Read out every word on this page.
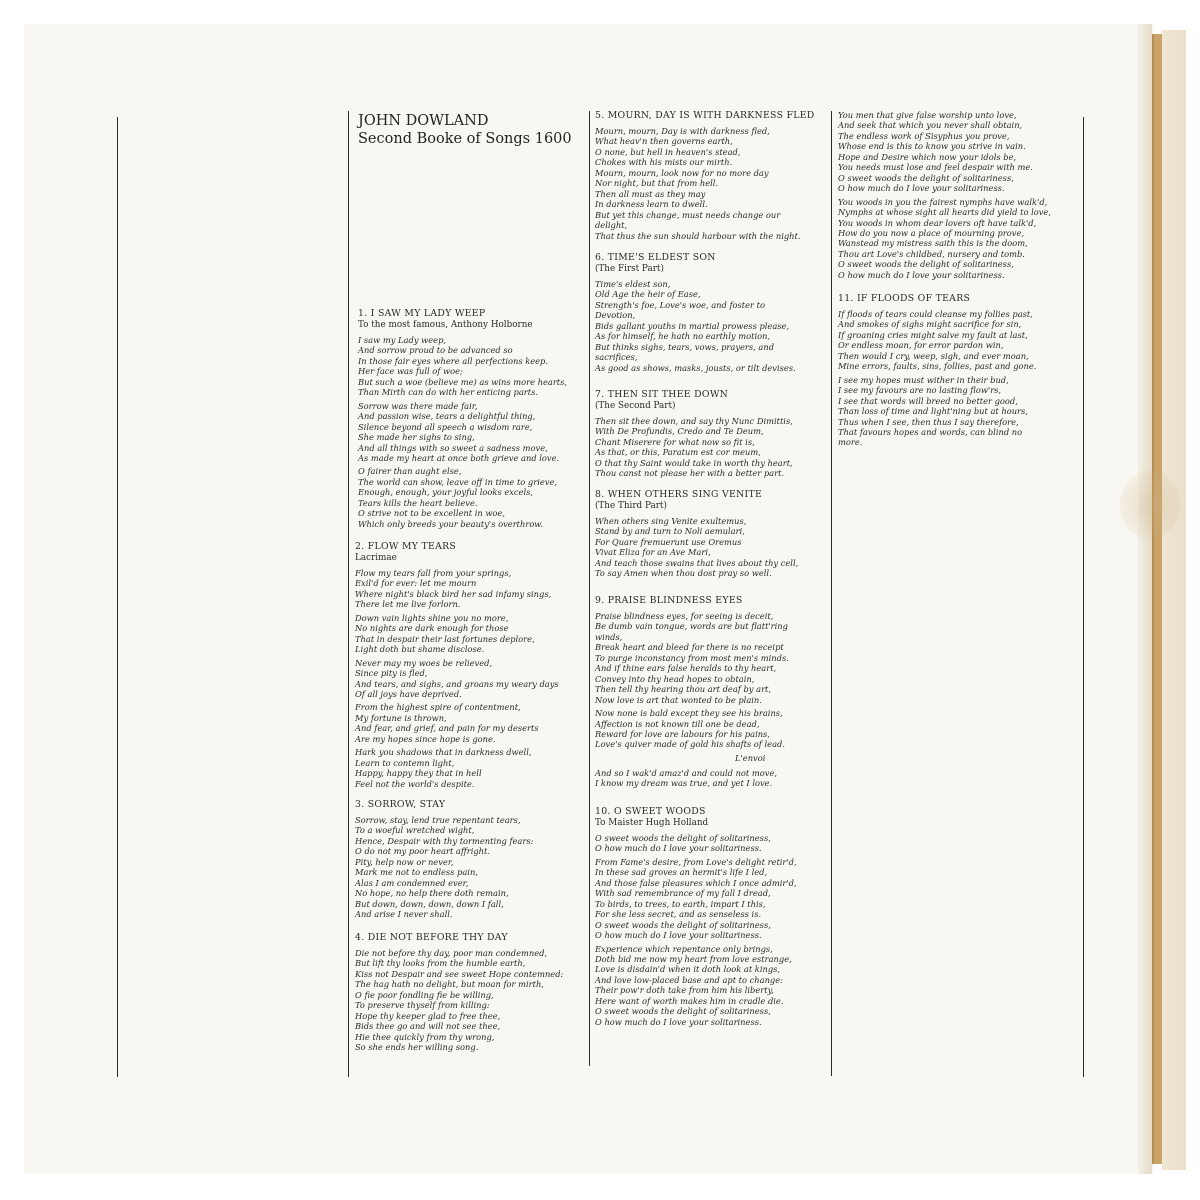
JOHN DOWLAND
Second Booke of Songs 1600
1. I SAW MY LADY WEEP
To the most famous, Anthony Holborne
I saw my Lady weep,
And sorrow proud to be advanced so
In those fair eyes where all perfections keep.
Her face was full of woe;
But such a woe (believe me) as wins more hearts,
Than Mirth can do with her enticing parts.
Sorrow was there made fair,
And passion wise, tears a delightful thing,
Silence beyond all speech a wisdom rare,
She made her sighs to sing,
And all things with so sweet a sadness move,
As made my heart at once both grieve and love.
O fairer than aught else,
The world can show, leave off in time to grieve,
Enough, enough, your joyful looks excels,
Tears kills the heart believe.
O strive not to be excellent in woe,
Which only breeds your beauty's overthrow.
2. FLOW MY TEARS
Lacrimae
Flow my tears fall from your springs,
Exil'd for ever: let me mourn
Where night's black bird her sad infamy sings,
There let me live forlorn.
Down vain lights shine you no more,
No nights are dark enough for those
That in despair their last fortunes deplore,
Light doth but shame disclose.
Never may my woes be relieved,
Since pity is fled,
And tears, and sighs, and groans my weary days
Of all joys have deprived.
From the highest spire of contentment,
My fortune is thrown,
And fear, and grief, and pain for my deserts
Are my hopes since hope is gone.
Hark you shadows that in darkness dwell,
Learn to contemn light,
Happy, happy they that in hell
Feel not the world's despite.
3. SORROW, STAY
Sorrow, stay, lend true repentant tears,
To a woeful wretched wight,
Hence, Despair with thy tormenting fears:
O do not my poor heart affright.
Pity, help now or never,
Mark me not to endless pain,
Alas I am condemned ever,
No hope, no help there doth remain,
But down, down, down, down I fall,
And arise I never shall.
4. DIE NOT BEFORE THY DAY
Die not before thy day, poor man condemned,
But lift thy looks from the humble earth,
Kiss not Despair and see sweet Hope contemned:
The hag hath no delight, but moan for mirth,
O fie poor fondling fie be willing,
To preserve thyself from killing:
Hope thy keeper glad to free thee,
Bids thee go and will not see thee,
Hie thee quickly from thy wrong,
So she ends her willing song.
5. MOURN, DAY IS WITH DARKNESS FLED
Mourn, mourn, Day is with darkness fled,
What heav'n then governs earth,
O none, but hell in heaven's stead,
Chokes with his mists our mirth.
Mourn, mourn, look now for no more day
Nor night, but that from hell.
Then all must as they may
In darkness learn to dwell.
But yet this change, must needs change our
delight,
That thus the sun should harbour with the night.
6. TIME'S ELDEST SON
(The First Part)
Time's eldest son,
Old Age the heir of Ease,
Strength's foe, Love's woe, and foster to
Devotion,
Bids gallant youths in martial prowess please,
As for himself, he hath no earthly motion,
But thinks sighs, tears, vows, prayers, and
sacrifices,
As good as shows, masks, jousts, or tilt devises.
7. THEN SIT THEE DOWN
(The Second Part)
Then sit thee down, and say thy Nunc Dimittis,
With De Profundis, Credo and Te Deum,
Chant Miserere for what now so fit is,
As that, or this, Paratum est cor meum,
O that thy Saint would take in worth thy heart,
Thou canst not please her with a better part.
8. WHEN OTHERS SING VENITE
(The Third Part)
When others sing Venite exultemus,
Stand by and turn to Noli aemulari,
For Quare fremuerunt use Oremus
Vivat Eliza for an Ave Mari,
And teach those swains that lives about thy cell,
To say Amen when thou dost pray so well.
9. PRAISE BLINDNESS EYES
Praise blindness eyes, for seeing is deceit,
Be dumb vain tongue, words are but flatt'ring
winds,
Break heart and bleed for there is no receipt
To purge inconstancy from most men's minds.
And if thine ears false heralds to thy heart,
Convey into thy head hopes to obtain,
Then tell thy hearing thou art deaf by art,
Now love is art that wonted to be plain.
Now none is bald except they see his brains,
Affection is not known till one be dead,
Reward for love are labours for his pains,
Love's quiver made of gold his shafts of lead.
L'envoi
And so I wak'd amaz'd and could not move,
I know my dream was true, and yet I love.
10. O SWEET WOODS
To Maister Hugh Holland
O sweet woods the delight of solitariness,
O how much do I love your solitariness.
From Fame's desire, from Love's delight retir'd,
In these sad groves an hermit's life I led,
And those false pleasures which I once admir'd,
With sad remembrance of my fall I dread,
To birds, to trees, to earth, impart I this,
For she less secret, and as senseless is.
O sweet woods the delight of solitariness,
O how much do I love your solitariness.
Experience which repentance only brings,
Doth bid me now my heart from love estrange,
Love is disdain'd when it doth look at kings,
And love low-placed base and apt to change:
Their pow'r doth take from him his liberty,
Here want of worth makes him in cradle die.
O sweet woods the delight of solitariness,
O how much do I love your solitariness.
You men that give false worship unto love,
And seek that which you never shall obtain,
The endless work of Sisyphus you prove,
Whose end is this to know you strive in vain.
Hope and Desire which now your idols be,
You needs must lose and feel despair with me.
O sweet woods the delight of solitariness,
O how much do I love your solitariness.
You woods in you the fairest nymphs have walk'd,
Nymphs at whose sight all hearts did yield to love,
You woods in whom dear lovers oft have talk'd,
How do you now a place of mourning prove,
Wanstead my mistress saith this is the doom,
Thou art Love's childbed, nursery and tomb.
O sweet woods the delight of solitariness,
O how much do I love your solitariness.
11. IF FLOODS OF TEARS
If floods of tears could cleanse my follies past,
And smokes of sighs might sacrifice for sin,
If groaning cries might salve my fault at last,
Or endless moan, for error pardon win,
Then would I cry, weep, sigh, and ever moan,
Mine errors, faults, sins, follies, past and gone.
I see my hopes must wither in their bud,
I see my favours are no lasting flow'rs,
I see that words will breed no better good,
Than loss of time and light'ning but at hours,
Thus when I see, then thus I say therefore,
That favours hopes and words, can blind no
more.
